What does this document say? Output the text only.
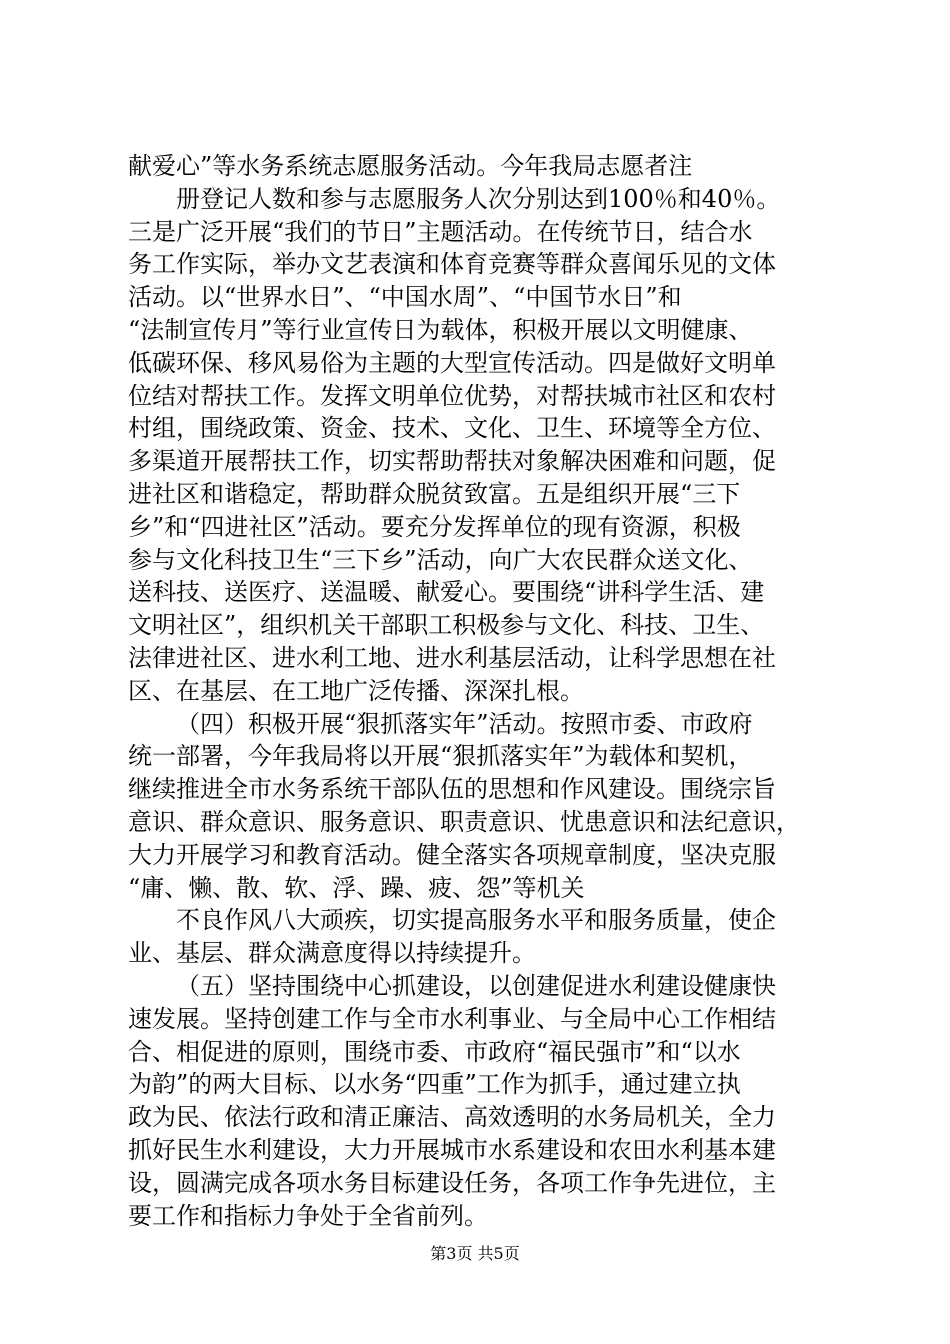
献爱心”等水务系统志愿服务活动。今年我局志愿者注
册登记人数和参与志愿服务人次分别达到100％和40％。
三是广泛开展“我们的节日”主题活动。在传统节日，结合水
务工作实际，举办文艺表演和体育竞赛等群众喜闻乐见的文体
活动。以“世界水日”、“中国水周”、“中国节水日”和
“法制宣传月”等行业宣传日为载体，积极开展以文明健康、
低碳环保、移风易俗为主题的大型宣传活动。四是做好文明单
位结对帮扶工作。发挥文明单位优势，对帮扶城市社区和农村
村组，围绕政策、资金、技术、文化、卫生、环境等全方位、
多渠道开展帮扶工作，切实帮助帮扶对象解决困难和问题，促
进社区和谐稳定，帮助群众脱贫致富。五是组织开展“三下
乡”和“四进社区”活动。要充分发挥单位的现有资源，积极
参与文化科技卫生“三下乡”活动，向广大农民群众送文化、
送科技、送医疗、送温暖、献爱心。要围绕“讲科学生活、建
文明社区”，组织机关干部职工积极参与文化、科技、卫生、
法律进社区、进水利工地、进水利基层活动，让科学思想在社
区、在基层、在工地广泛传播、深深扎根。
（四）积极开展“狠抓落实年”活动。按照市委、市政府
统一部署，今年我局将以开展“狠抓落实年”为载体和契机，
继续推进全市水务系统干部队伍的思想和作风建设。围绕宗旨
意识、群众意识、服务意识、职责意识、忧患意识和法纪意识，
大力开展学习和教育活动。健全落实各项规章制度，坚决克服
“庸、懒、散、软、浮、躁、疲、怨”等机关
不良作风八大顽疾，切实提高服务水平和服务质量，使企
业、基层、群众满意度得以持续提升。
（五）坚持围绕中心抓建设，以创建促进水利建设健康快
速发展。坚持创建工作与全市水利事业、与全局中心工作相结
合、相促进的原则，围绕市委、市政府“福民强市”和“以水
为韵”的两大目标、以水务“四重”工作为抓手，通过建立执
政为民、依法行政和清正廉洁、高效透明的水务局机关，全力
抓好民生水利建设，大力开展城市水系建设和农田水利基本建
设，圆满完成各项水务目标建设任务，各项工作争先进位，主
要工作和指标力争处于全省前列。
第3页 共5页
